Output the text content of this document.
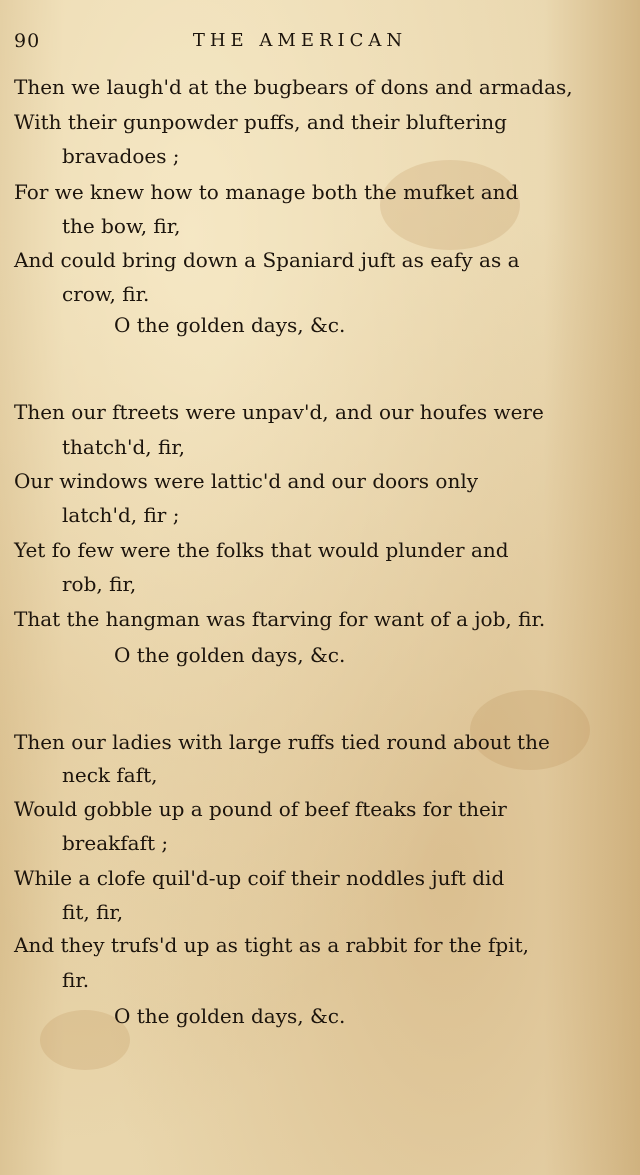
90	THE AMERICAN
Then we laugh'd at the bugbears of dons and armadas,
With their gunpowder puffs, and their bluftering
bravadoes ;
For we knew how to manage both the mufket and
the bow, fir,
And could bring down a Spaniard juft as eafy as a
crow, fir.
O the golden days, &c.
Then our ftreets were unpav'd, and our houfes were
thatch'd, fir,
Our windows were lattic'd and our doors only
latch'd, fir ;
Yet fo few were the folks that would plunder and
rob, fir,
That the hangman was ftarving for want of a job, fir.
O the golden days, &c.
Then our ladies with large ruffs tied round about the
neck faft,
Would gobble up a pound of beef fteaks for their
breakfaft ;
While a clofe quil'd-up coif their noddles juft did
fit, fir,
And they trufs'd up as tight as a rabbit for the fpit,
fir.
O the golden days, &c.
